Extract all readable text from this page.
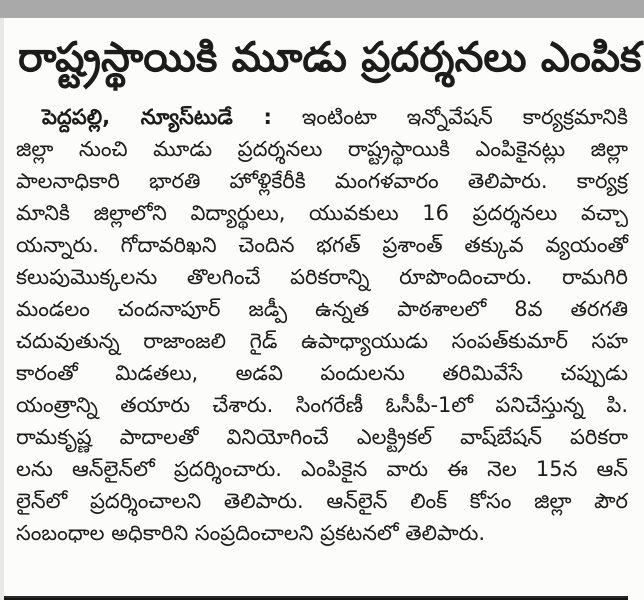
రాష్ట్రస్థాయికి మూడు ప్రదర్శనలు ఎంపిక
పెద్దపల్లి, న్యూస్‌టుడే : ఇంటింటా ఇన్నోవేషన్ కార్యక్రమానికి
జిల్లా నుంచి మూడు ప్రదర్శనలు రాష్ట్రస్థాయికి ఎంపికైనట్లు జిల్లా
పాలనాధికారి భారతి హోళ్లికేరీకి మంగళవారం తెలిపారు. కార్యక్ర
మానికి జిల్లాలోని విద్యార్థులు, యువకులు 16 ప్రదర్శనలు వచ్చా
యన్నారు. గోదావరిఖని చెందిన భగత్ ప్రశాంత్ తక్కువ వ్యయంతో
కలుపుమొక్కలను తొలగించే పరికరాన్ని రూపొందించారు. రామగిరి
మండలం చందనాపూర్ జడ్పీ ఉన్నత పాఠశాలలో 8వ తరగతి
చదువుతున్న రాజాంజలి గైడ్ ఉపాధ్యాయుడు సంపత్‌కుమార్ సహ
కారంతో మిడతలు, అడవి పందులను తరిమివేసే చప్పుడు
యంత్రాన్ని తయారు చేశారు. సింగరేణీ ఓసీపీ-1లో పనిచేస్తున్న పి.
రామకృష్ణ పాదాలతో వినియోగించే ఎలక్ట్రికల్ వాష్‌బేషన్ పరికరా
లను ఆన్‌లైన్‌లో ప్రదర్శించారు. ఎంపికైన వారు ఈ నెల 15న ఆన్
లైన్‌లో ప్రదర్శించాలని తెలిపారు. ఆన్‌లైన్ లింక్ కోసం జిల్లా పౌర
సంబంధాల అధికారిని సంప్రదించాలని ప్రకటనలో తెలిపారు.
